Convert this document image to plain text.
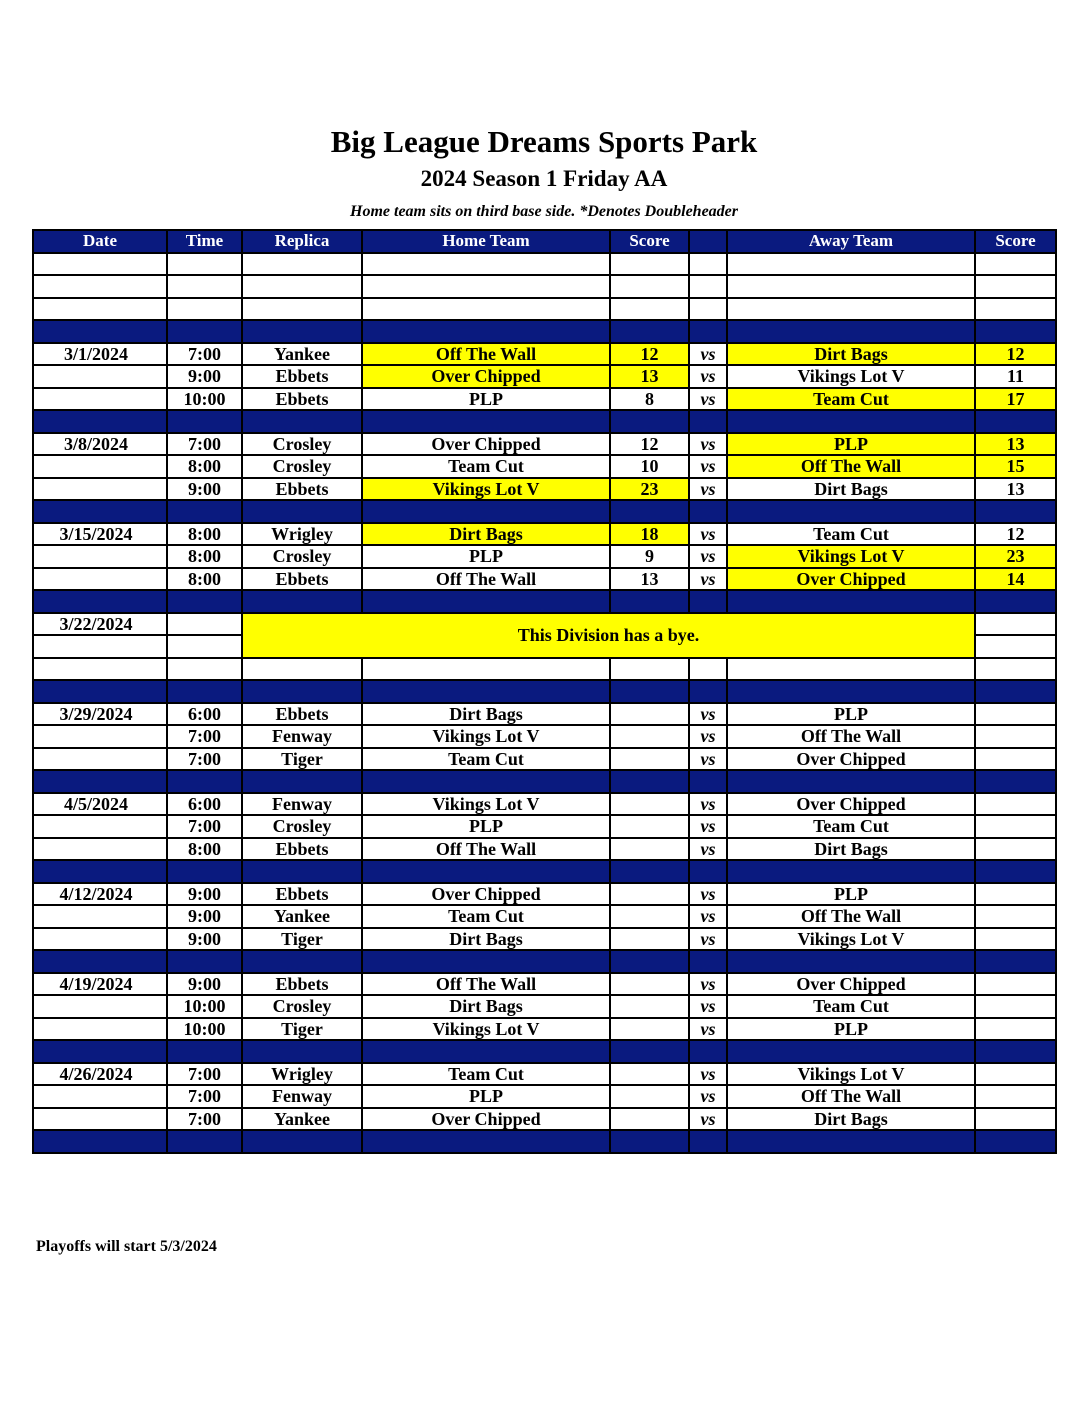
Big League Dreams Sports Park
2024 Season 1 Friday AA
Home team sits on third base side. *Denotes Doubleheader
Date	Time	Replica	Home Team	Score		Away Team	Score

3/1/2024	7:00	Yankee	Off The Wall	12	vs	Dirt Bags	12
	9:00	Ebbets	Over Chipped	13	vs	Vikings Lot V	11
	10:00	Ebbets	PLP	8	vs	Team Cut	17

3/8/2024	7:00	Crosley	Over Chipped	12	vs	PLP	13
	8:00	Crosley	Team Cut	10	vs	Off The Wall	15
	9:00	Ebbets	Vikings Lot V	23	vs	Dirt Bags	13

3/15/2024	8:00	Wrigley	Dirt Bags	18	vs	Team Cut	12
	8:00	Crosley	PLP	9	vs	Vikings Lot V	23
	8:00	Ebbets	Off The Wall	13	vs	Over Chipped	14

3/22/2024		This Division has a bye.					

3/29/2024	6:00	Ebbets	Dirt Bags		vs	PLP	
	7:00	Fenway	Vikings Lot V		vs	Off The Wall	
	7:00	Tiger	Team Cut		vs	Over Chipped	

4/5/2024	6:00	Fenway	Vikings Lot V		vs	Over Chipped	
	7:00	Crosley	PLP		vs	Team Cut	
	8:00	Ebbets	Off The Wall		vs	Dirt Bags	

4/12/2024	9:00	Ebbets	Over Chipped		vs	PLP	
	9:00	Yankee	Team Cut		vs	Off The Wall	
	9:00	Tiger	Dirt Bags		vs	Vikings Lot V	

4/19/2024	9:00	Ebbets	Off The Wall		vs	Over Chipped	
	10:00	Crosley	Dirt Bags		vs	Team Cut	
	10:00	Tiger	Vikings Lot V		vs	PLP	

4/26/2024	7:00	Wrigley	Team Cut		vs	Vikings Lot V	
	7:00	Fenway	PLP		vs	Off The Wall	
	7:00	Yankee	Over Chipped		vs	Dirt Bags	

Playoffs will start 5/3/2024
